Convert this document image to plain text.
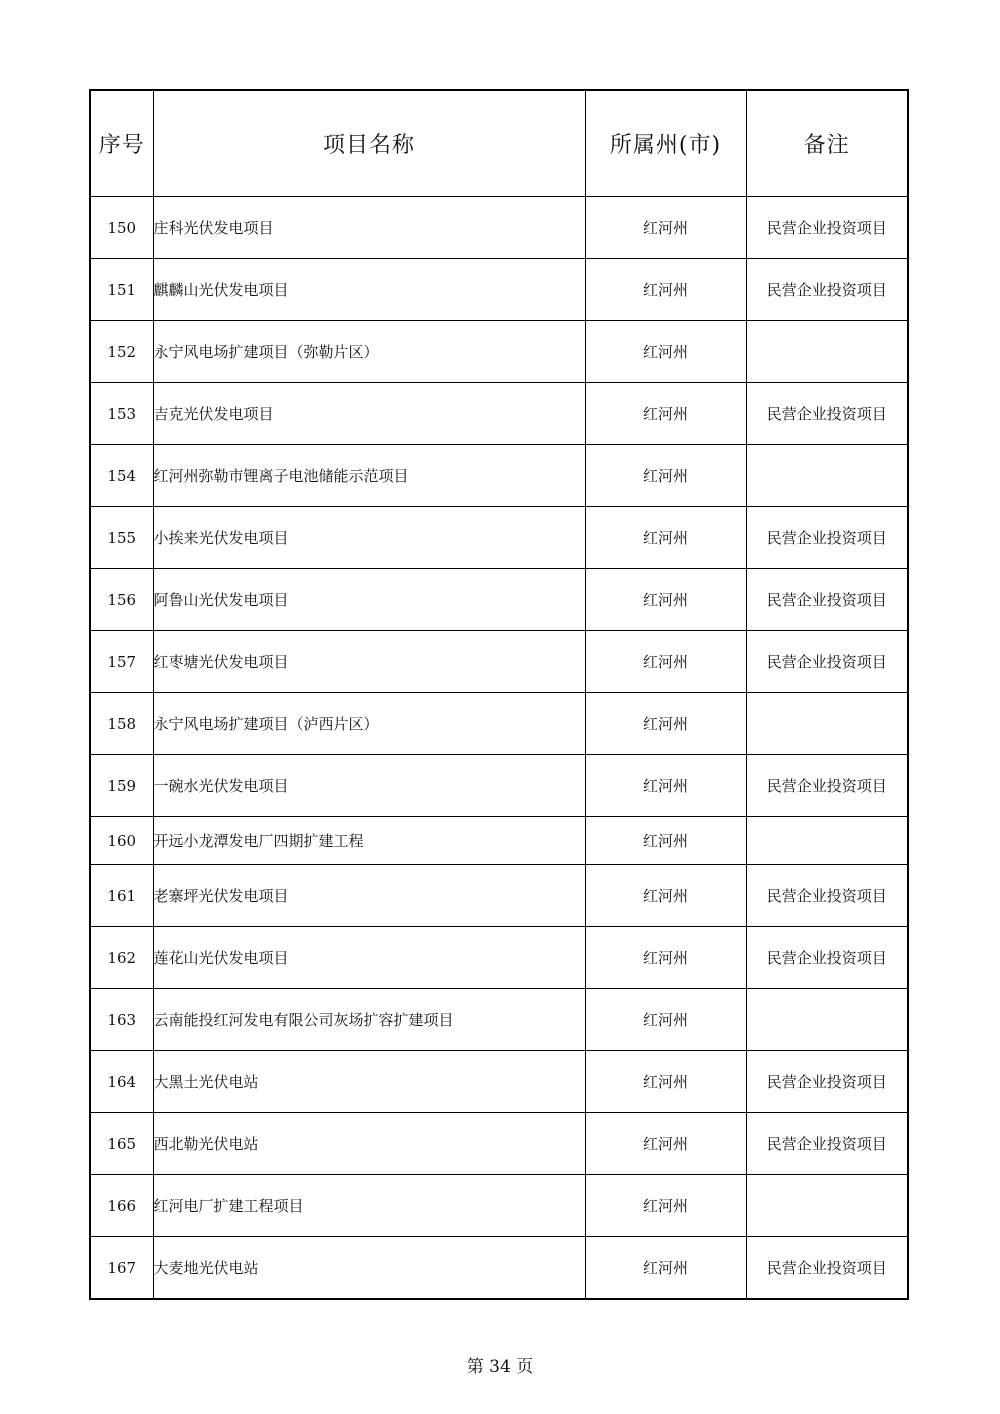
序号	项目名称	所属州(市)	备注
150	庄科光伏发电项目	红河州	民营企业投资项目
151	麒麟山光伏发电项目	红河州	民营企业投资项目
152	永宁风电场扩建项目（弥勒片区）	红河州	
153	吉克光伏发电项目	红河州	民营企业投资项目
154	红河州弥勒市锂离子电池储能示范项目	红河州	
155	小挨来光伏发电项目	红河州	民营企业投资项目
156	阿鲁山光伏发电项目	红河州	民营企业投资项目
157	红枣塘光伏发电项目	红河州	民营企业投资项目
158	永宁风电场扩建项目（泸西片区）	红河州	
159	一碗水光伏发电项目	红河州	民营企业投资项目
160	开远小龙潭发电厂四期扩建工程	红河州	
161	老寨坪光伏发电项目	红河州	民营企业投资项目
162	莲花山光伏发电项目	红河州	民营企业投资项目
163	云南能投红河发电有限公司灰场扩容扩建项目	红河州	
164	大黑土光伏电站	红河州	民营企业投资项目
165	西北勒光伏电站	红河州	民营企业投资项目
166	红河电厂扩建工程项目	红河州	
167	大麦地光伏电站	红河州	民营企业投资项目
第 34 页
